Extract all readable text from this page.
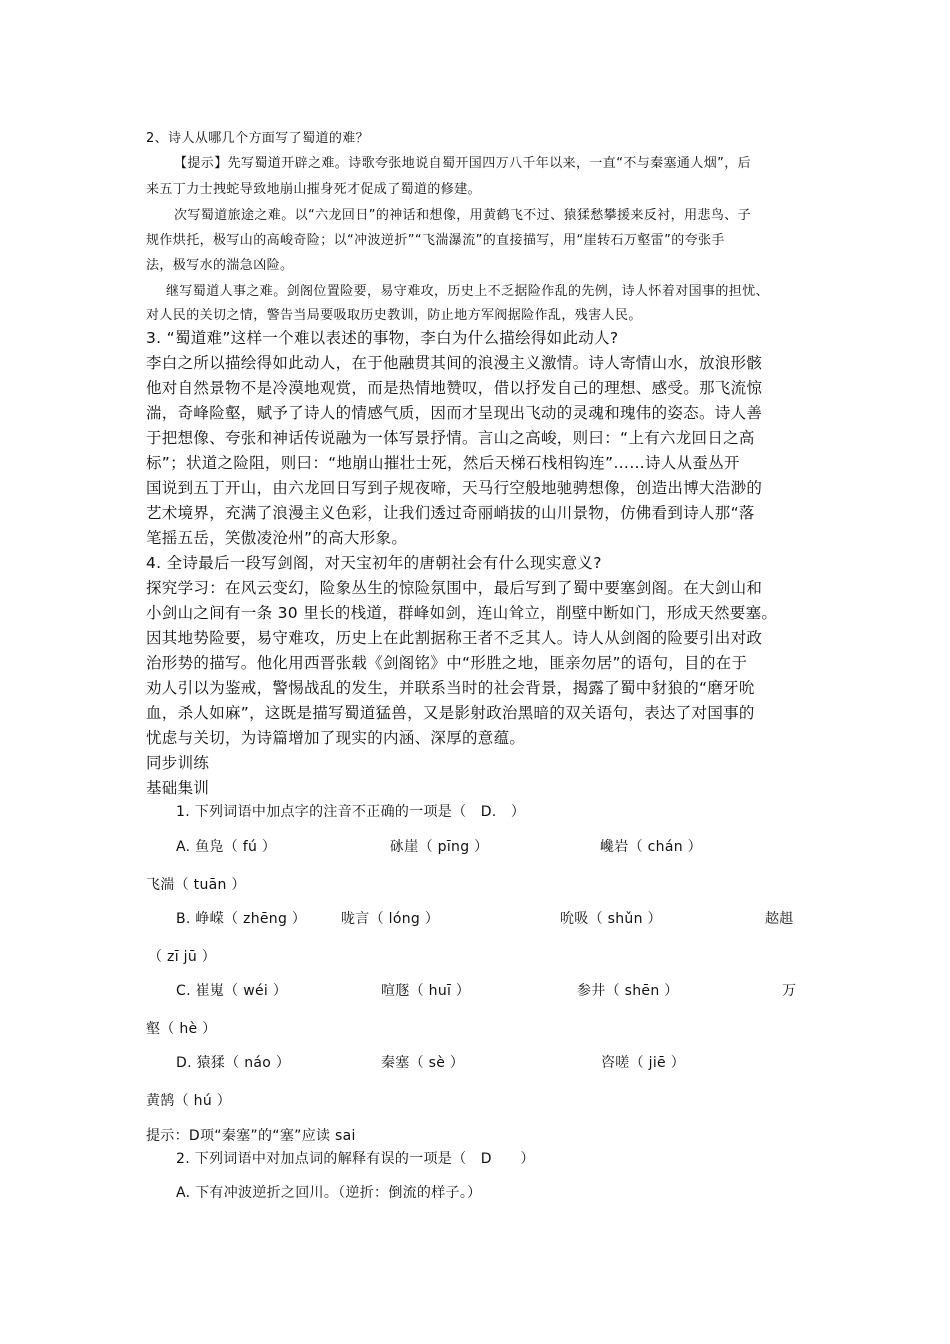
2、诗人从哪几个方面写了蜀道的难？
【提示】先写蜀道开辟之难。诗歌夸张地说自蜀开国四万八千年以来，一直“不与秦塞通人烟”，后
来五丁力士拽蛇导致地崩山摧身死才促成了蜀道的修建。
次写蜀道旅途之难。以“六龙回日”的神话和想像，用黄鹤飞不过、猿猱愁攀援来反衬，用悲鸟、子
规作烘托，极写山的高峻奇险；以“冲波逆折”“飞湍瀑流”的直接描写，用“崖转石万壑雷”的夸张手
法，极写水的湍急凶险。
继写蜀道人事之难。剑阁位置险要，易守难攻，历史上不乏据险作乱的先例，诗人怀着对国事的担忧、
对人民的关切之情，警告当局要吸取历史教训，防止地方军阀据险作乱，残害人民。
3. “蜀道难”这样一个难以表述的事物，李白为什么描绘得如此动人?
李白之所以描绘得如此动人，在于他融贯其间的浪漫主义激情。诗人寄情山水，放浪形骸
他对自然景物不是冷漠地观赏，而是热情地赞叹，借以抒发自己的理想、感受。那飞流惊
湍，奇峰险壑，赋予了诗人的情感气质，因而才呈现出飞动的灵魂和瑰伟的姿态。诗人善
于把想像、夸张和神话传说融为一体写景抒情。言山之高峻，则曰：“上有六龙回日之高
标”；状道之险阻，则曰：“地崩山摧壮士死，然后天梯石栈相钩连”……诗人从蚕丛开
国说到五丁开山，由六龙回日写到子规夜啼，天马行空般地驰骋想像，创造出博大浩渺的
艺术境界，充满了浪漫主义色彩，让我们透过奇丽峭拔的山川景物，仿佛看到诗人那“落
笔摇五岳，笑傲凌沧州”的高大形象。
4. 全诗最后一段写剑阁，对天宝初年的唐朝社会有什么现实意义?
探究学习：在风云变幻，险象丛生的惊险氛围中，最后写到了蜀中要塞剑阁。在大剑山和
小剑山之间有一条 30 里长的栈道，群峰如剑，连山耸立，削壁中断如门，形成天然要塞。
因其地势险要，易守难攻，历史上在此割据称王者不乏其人。诗人从剑阁的险要引出对政
治形势的描写。他化用西晋张载《剑阁铭》中“形胜之地，匪亲勿居”的语句，目的在于
劝人引以为鉴戒，警惕战乱的发生，并联系当时的社会背景，揭露了蜀中豺狼的“磨牙吮
血，杀人如麻”，这既是描写蜀道猛兽，又是影射政治黑暗的双关语句，表达了对国事的
忧虑与关切，为诗篇增加了现实的内涵、深厚的意蕴。
同步训练
基础集训
1. 下列词语中加点字的注音不正确的一项是（　D.　）
A. 鱼凫（ fú ）	砯崖（ pīng ）	巉岩（ chán ）
飞湍（ tuān ）
B. 峥嵘（ zhēng ） 咙言（ lóng ）	吮吸（ shǔn ）	趑趄
（ zī jū ）
C. 崔嵬（ wéi ）	喧豗（ huī ）	参井（ shēn ）	万
壑（ hè ）
D. 猿猱（ náo ）	秦塞（ sè ）	咨嗟（ jiē ）
黄鹄（ hú ）
提示：D项“秦塞”的“塞”应读 sai
2. 下列词语中对加点词的解释有误的一项是（　D　　）
A. 下有冲波逆折之回川。（逆折：倒流的样子。）
